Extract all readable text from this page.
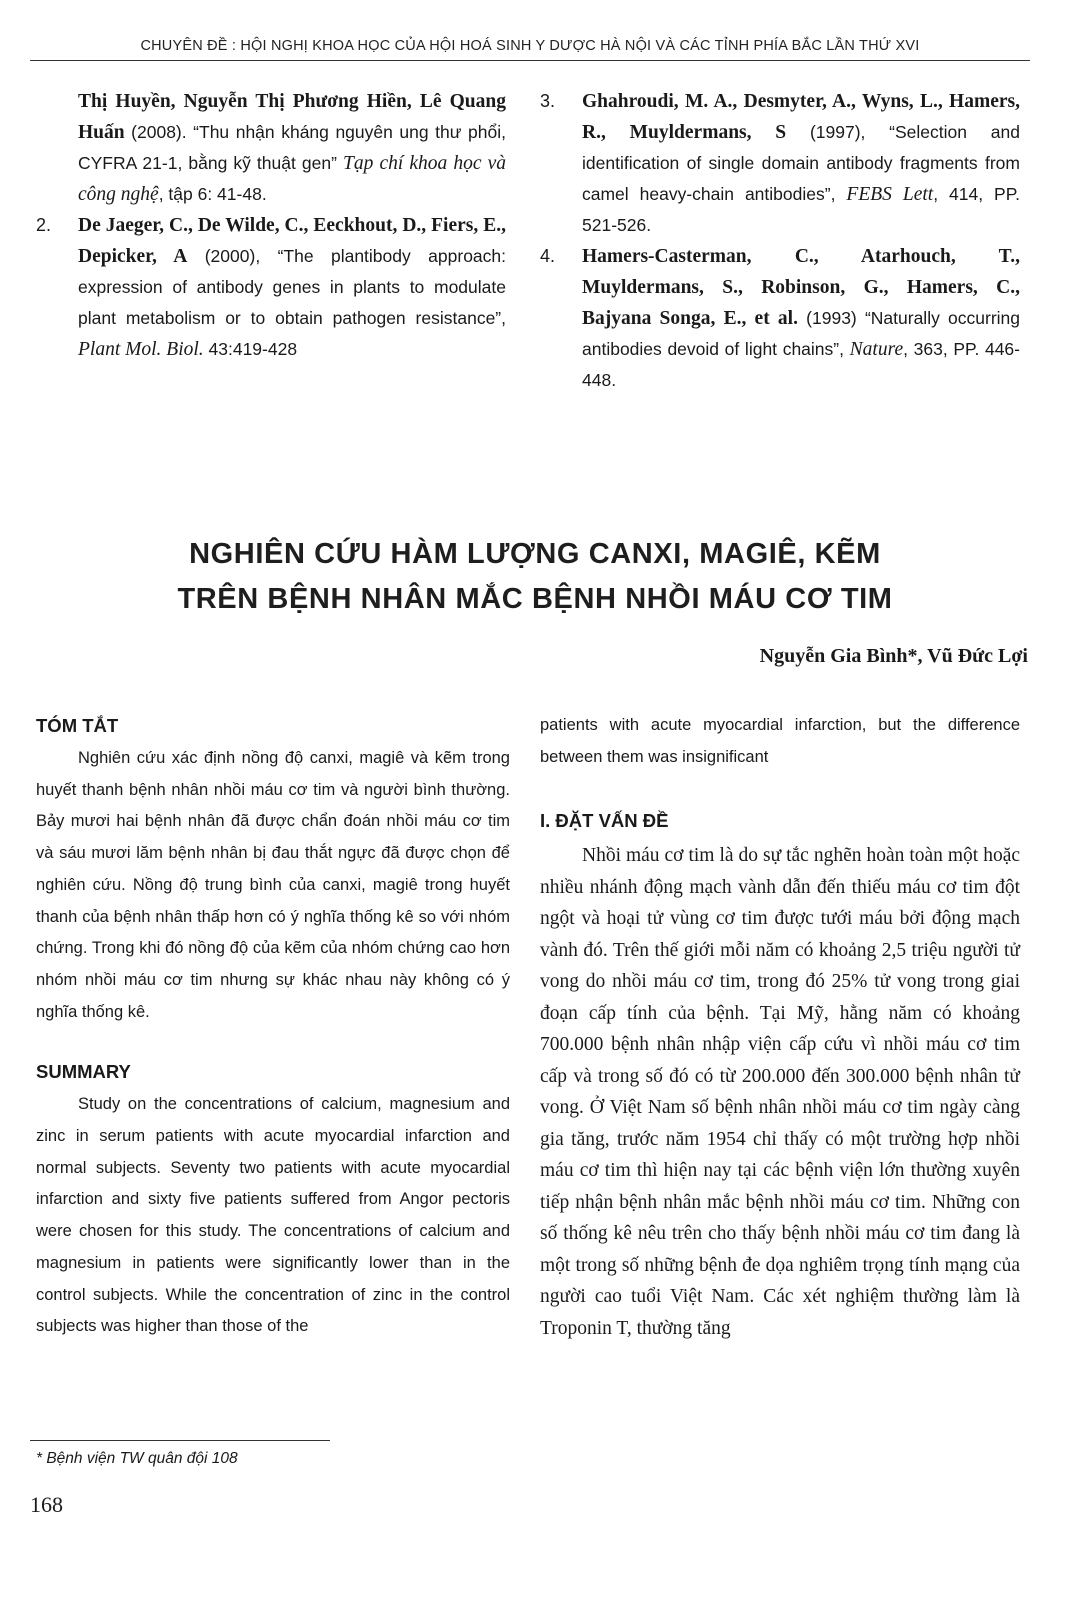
CHUYÊN ĐỀ : HỘI NGHỊ KHOA HỌC CỦA HỘI HOÁ SINH Y DƯỢC HÀ NỘI VÀ CÁC TỈNH PHÍA BẮC LẦN THỨ XVI
Thị Huyền, Nguyễn Thị Phương Hiền, Lê Quang Huấn (2008). “Thu nhận kháng nguyên ung thư phổi, CYFRA 21-1, bằng kỹ thuật gen” Tạp chí khoa học và công nghệ, tập 6: 41-48.
2. De Jaeger, C., De Wilde, C., Eeckhout, D., Fiers, E., Depicker, A (2000), “The plantibody approach: expression of antibody genes in plants to modulate plant metabolism or to obtain pathogen resistance”, Plant Mol. Biol. 43:419-428
3. Ghahroudi, M. A., Desmyter, A., Wyns, L., Hamers, R., Muyldermans, S (1997), “Selection and identification of single domain antibody fragments from camel heavy-chain antibodies”, FEBS Lett, 414, PP. 521-526.
4. Hamers-Casterman, C., Atarhouch, T., Muyldermans, S., Robinson, G., Hamers, C., Bajyana Songa, E., et al. (1993) “Naturally occurring antibodies devoid of light chains”, Nature, 363, PP. 446-448.
NGHIÊN CỨU HÀM LƯỢNG CANXI, MAGIÊ, KẼM
TRÊN BỆNH NHÂN MẮC BỆNH NHỒI MÁU CƠ TIM
Nguyễn Gia Bình*, Vũ Đức Lợi
TÓM TẮT

Nghiên cứu xác định nồng độ canxi, magiê và kẽm trong huyết thanh bệnh nhân nhồi máu cơ tim và người bình thường. Bảy mươi hai bệnh nhân đã được chẩn đoán nhồi máu cơ tim và sáu mươi lăm bệnh nhân bị đau thắt ngực đã được chọn để nghiên cứu. Nồng độ trung bình của canxi, magiê trong huyết thanh của bệnh nhân thấp hơn có ý nghĩa thống kê so với nhóm chứng. Trong khi đó nồng độ của kẽm của nhóm chứng cao hơn nhóm nhồi máu cơ tim nhưng sự khác nhau này không có ý nghĩa thống kê.

SUMMARY

Study on the concentrations of calcium, magnesium and zinc in serum patients with acute myocardial infarction and normal subjects. Seventy two patients with acute myocardial infarction and sixty five patients suffered from Angor pectoris were chosen for this study. The concentrations of calcium and magnesium in patients were significantly lower than in the control subjects. While the concentration of zinc in the control subjects was higher than those of the

patients with acute myocardial infarction, but the difference between them was insignificant

I. ĐẶT VẤN ĐỀ

Nhồi máu cơ tim là do sự tắc nghẽn hoàn toàn một hoặc nhiều nhánh động mạch vành dẫn đến thiếu máu cơ tim đột ngột và hoại tử vùng cơ tim được tưới máu bởi động mạch vành đó. Trên thế giới mỗi năm có khoảng 2,5 triệu người tử vong do nhồi máu cơ tim, trong đó 25% tử vong trong giai đoạn cấp tính của bệnh. Tại Mỹ, hằng năm có khoảng 700.000 bệnh nhân nhập viện cấp cứu vì nhồi máu cơ tim cấp và trong số đó có từ 200.000 đến 300.000 bệnh nhân tử vong. Ở Việt Nam số bệnh nhân nhồi máu cơ tim ngày càng gia tăng, trước năm 1954 chỉ thấy có một trường hợp nhồi máu cơ tim thì hiện nay tại các bệnh viện lớn thường xuyên tiếp nhận bệnh nhân mắc bệnh nhồi máu cơ tim. Những con số thống kê nêu trên cho thấy bệnh nhồi máu cơ tim đang là một trong số những bệnh đe dọa nghiêm trọng tính mạng của người cao tuổi Việt Nam. Các xét nghiệm thường làm là Troponin T, thường tăng

* Bệnh viện TW quân đội 108
168
